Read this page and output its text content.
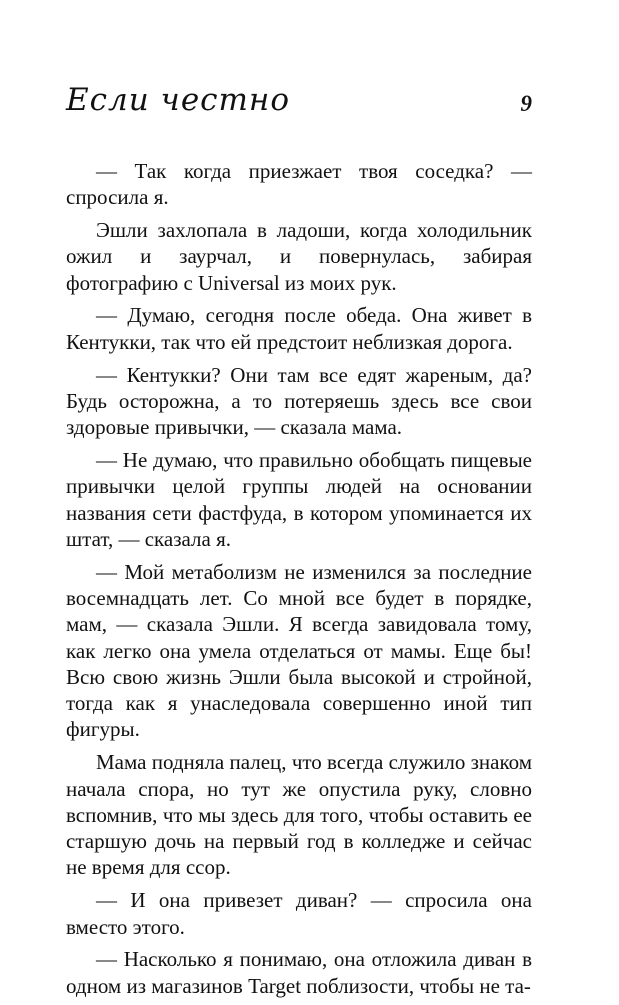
Если честно	9

— Так когда приезжает твоя соседка? — спросила я.

Эшли захлопала в ладоши, когда холодильник ожил и заурчал, и повернулась, забирая фотографию с Universal из моих рук.

— Думаю, сегодня после обеда. Она живет в Кентукки, так что ей предстоит неблизкая дорога.

— Кентукки? Они там все едят жареным, да? Будь осторожна, а то потеряешь здесь все свои здоровые привычки, — сказала мама.

— Не думаю, что правильно обобщать пищевые привычки целой группы людей на основании названия сети фастфуда, в котором упоминается их штат, — сказала я.

— Мой метаболизм не изменился за последние восемнадцать лет. Со мной все будет в порядке, мам, — сказала Эшли. Я всегда завидовала тому, как легко она умела отделаться от мамы. Еще бы! Всю свою жизнь Эшли была высокой и стройной, тогда как я унаследовала совершенно иной тип фигуры.

Мама подняла палец, что всегда служило знаком начала спора, но тут же опустила руку, словно вспомнив, что мы здесь для того, чтобы оставить ее старшую дочь на первый год в колледже и сейчас не время для ссор.

— И она привезет диван? — спросила она вместо этого.

— Насколько я понимаю, она отложила диван в одном из магазинов Target поблизости, чтобы не та-
